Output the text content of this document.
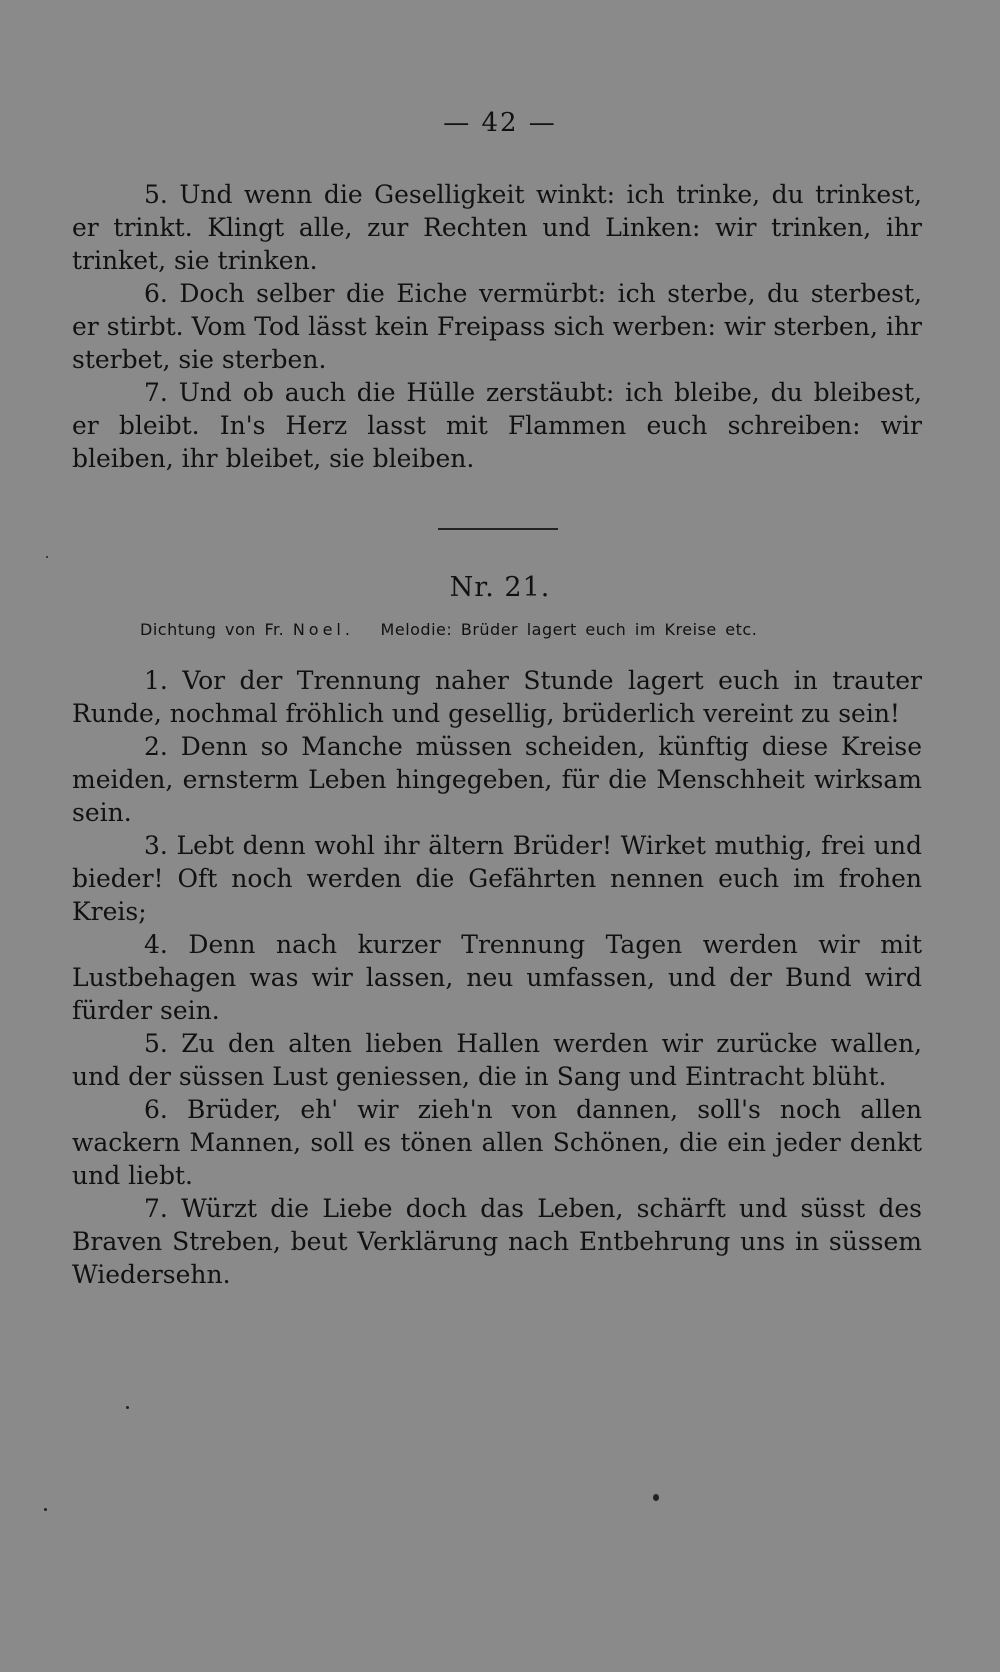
— 42 —

5. Und wenn die Geselligkeit winkt: ich trinke, du trinkest, er trinkt. Klingt alle, zur Rechten und Linken: wir trinken, ihr trinket, sie trinken.

6. Doch selber die Eiche vermürbt: ich sterbe, du sterbest, er stirbt. Vom Tod lässt kein Freipass sich werben: wir sterben, ihr sterbet, sie sterben.

7. Und ob auch die Hülle zerstäubt: ich bleibe, du bleibest, er bleibt. In's Herz lasst mit Flammen euch schreiben: wir bleiben, ihr bleibet, sie bleiben.

Nr. 21.
Dichtung von Fr. Noel. Melodie: Brüder lagert euch im Kreise etc.

1. Vor der Trennung naher Stunde lagert euch in trauter Runde, nochmal fröhlich und gesellig, brüderlich vereint zu sein!

2. Denn so Manche müssen scheiden, künftig diese Kreise meiden, ernsterm Leben hingegeben, für die Menschheit wirksam sein.

3. Lebt denn wohl ihr ältern Brüder! Wirket muthig, frei und bieder! Oft noch werden die Gefährten nennen euch im frohen Kreis;

4. Denn nach kurzer Trennung Tagen werden wir mit Lustbehagen was wir lassen, neu umfassen, und der Bund wird fürder sein.

5. Zu den alten lieben Hallen werden wir zurücke wallen, und der süssen Lust geniessen, die in Sang und Eintracht blüht.

6. Brüder, eh' wir zieh'n von dannen, soll's noch allen wackern Mannen, soll es tönen allen Schönen, die ein jeder denkt und liebt.

7. Würzt die Liebe doch das Leben, schärft und süsst des Braven Streben, beut Verklärung nach Entbehrung uns in süssem Wiedersehn.
